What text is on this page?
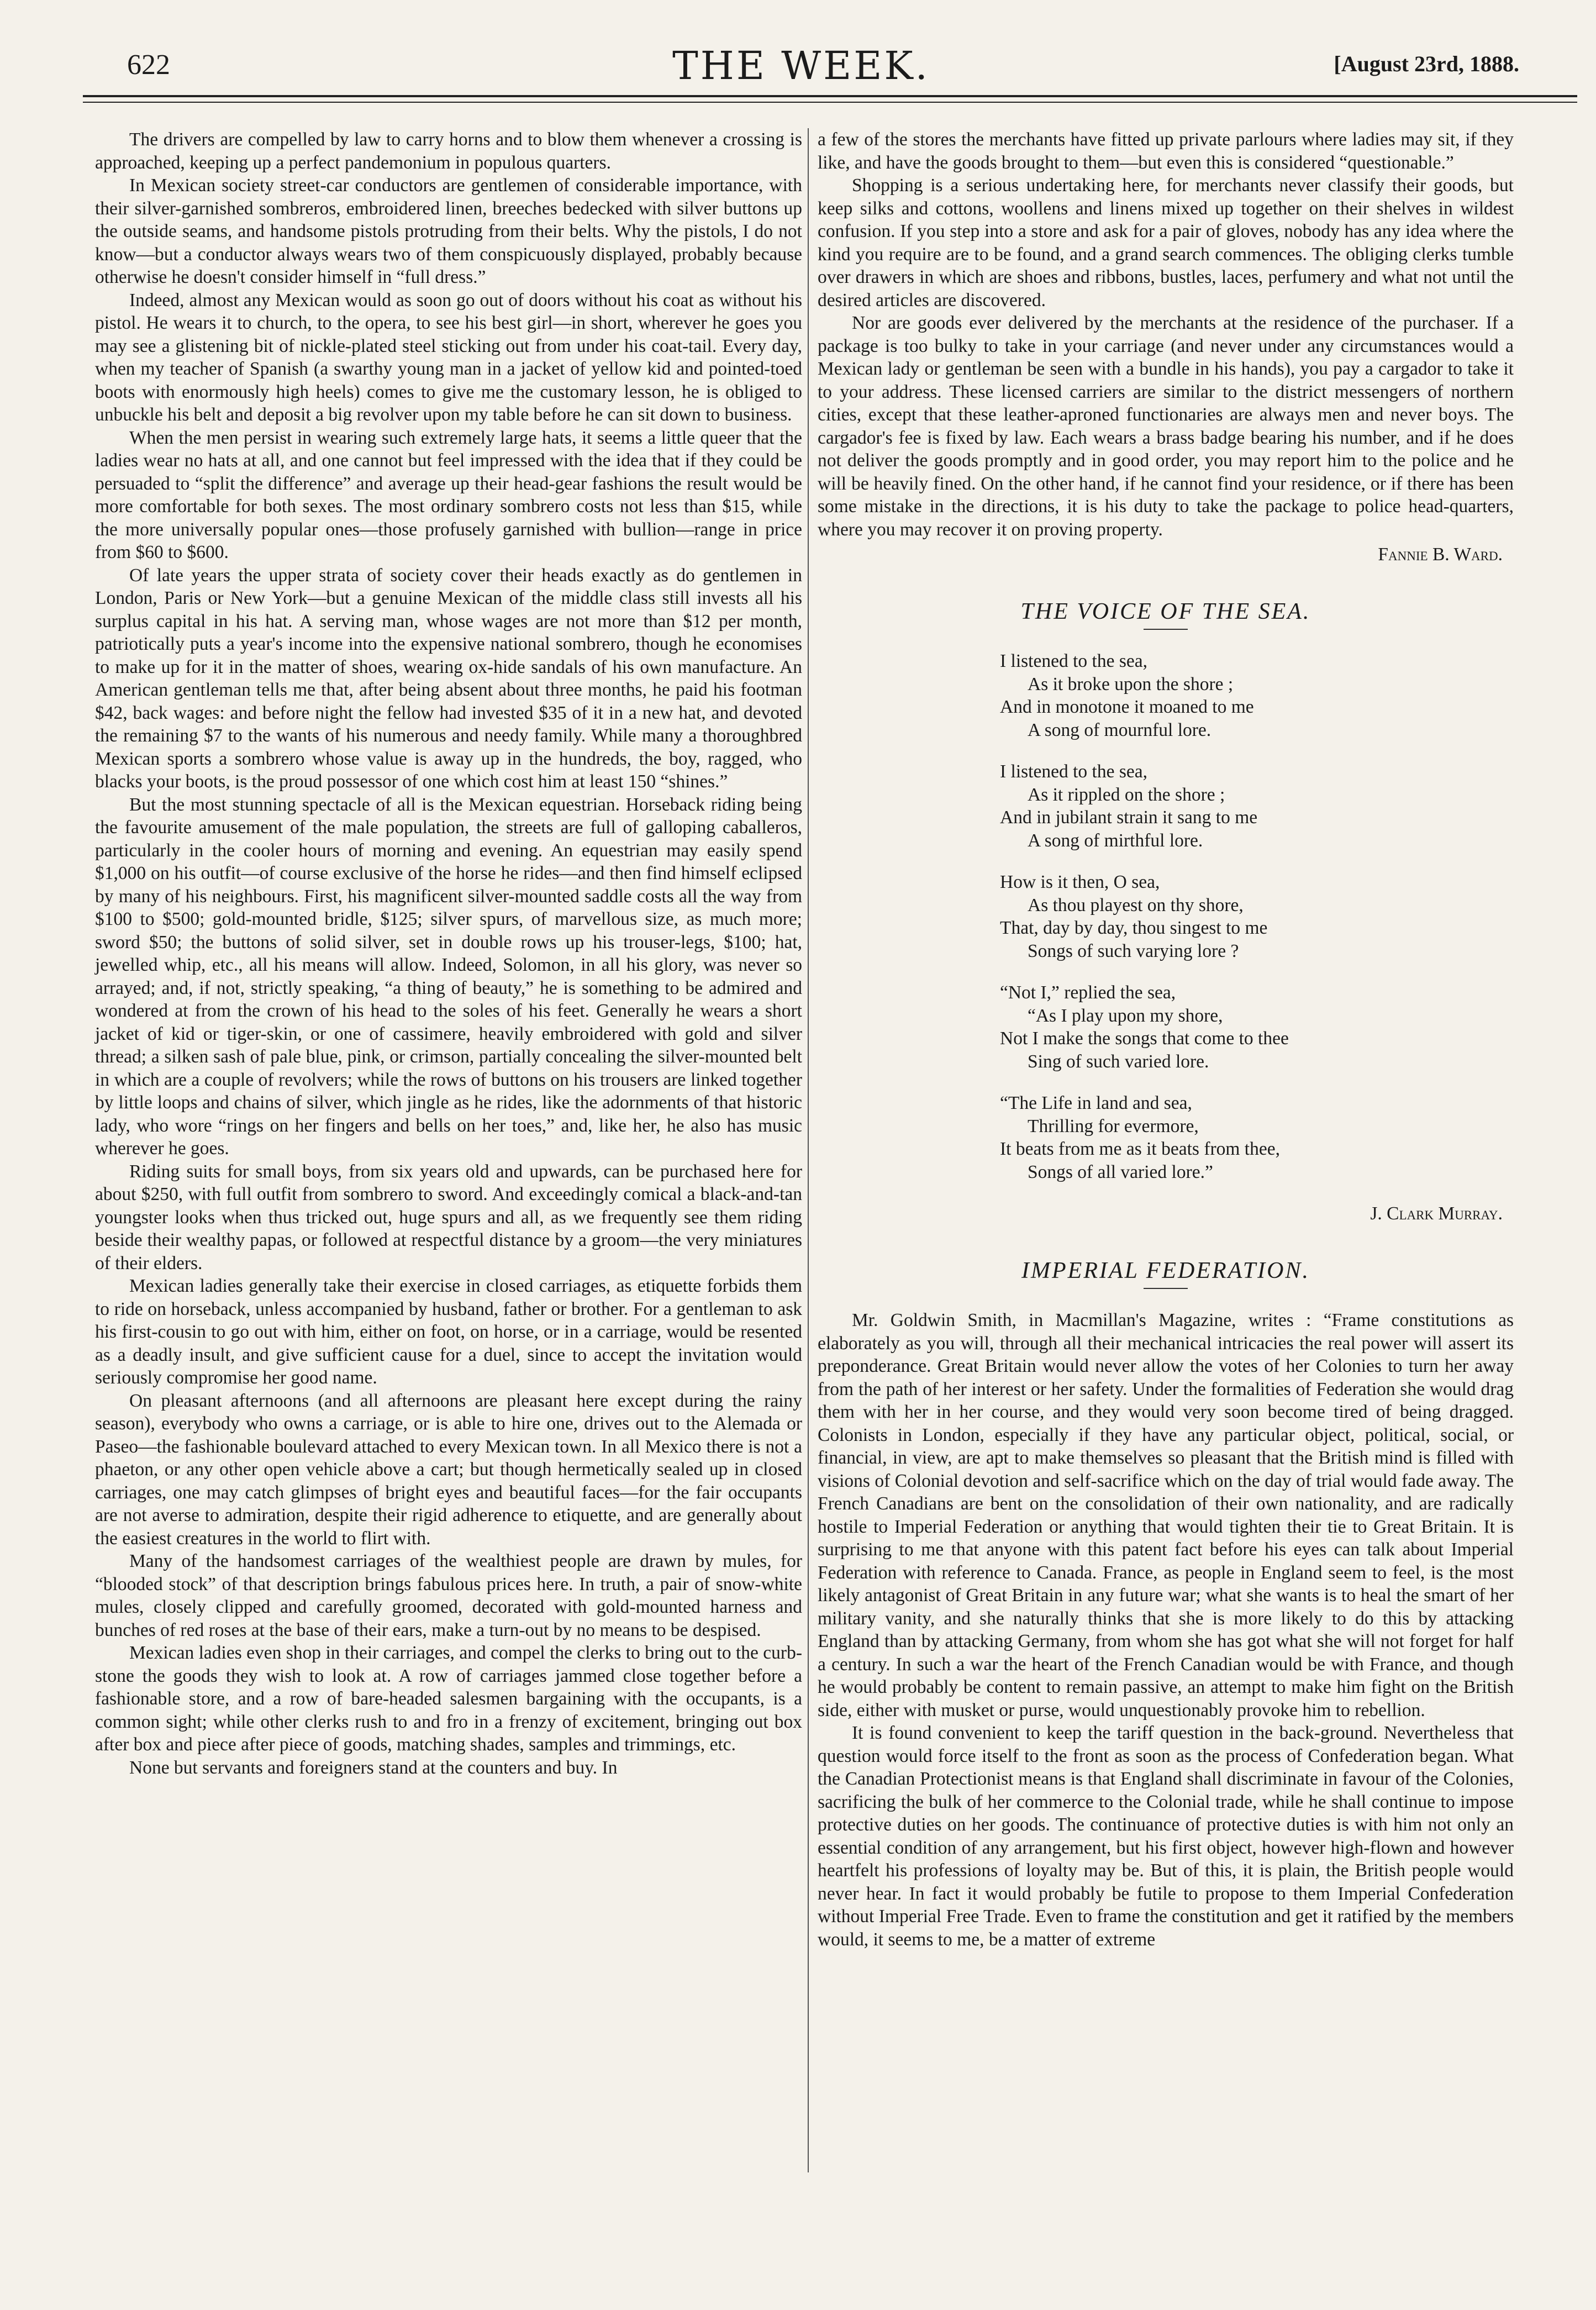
622	THE WEEK.	[August 23rd, 1888.

The drivers are compelled by law to carry horns and to blow them whenever a crossing is approached, keeping up a perfect pandemonium in populous quarters.

In Mexican society street-car conductors are gentlemen of considerable importance, with their silver-garnished sombreros, embroidered linen, breeches bedecked with silver buttons up the outside seams, and handsome pistols protruding from their belts. Why the pistols, I do not know—but a conductor always wears two of them conspicuously displayed, probably because otherwise he doesn't consider himself in “full dress.”

Indeed, almost any Mexican would as soon go out of doors without his coat as without his pistol. He wears it to church, to the opera, to see his best girl—in short, wherever he goes you may see a glistening bit of nickle-plated steel sticking out from under his coat-tail. Every day, when my teacher of Spanish (a swarthy young man in a jacket of yellow kid and pointed-toed boots with enormously high heels) comes to give me the customary lesson, he is obliged to unbuckle his belt and deposit a big revolver upon my table before he can sit down to business.

When the men persist in wearing such extremely large hats, it seems a little queer that the ladies wear no hats at all, and one cannot but feel impressed with the idea that if they could be persuaded to “split the difference” and average up their head-gear fashions the result would be more comfortable for both sexes. The most ordinary sombrero costs not less than $15, while the more universally popular ones—those profusely garnished with bullion—range in price from $60 to $600.

Of late years the upper strata of society cover their heads exactly as do gentlemen in London, Paris or New York—but a genuine Mexican of the middle class still invests all his surplus capital in his hat. A serving man, whose wages are not more than $12 per month, patriotically puts a year's income into the expensive national sombrero, though he economises to make up for it in the matter of shoes, wearing ox-hide sandals of his own manufacture. An American gentleman tells me that, after being absent about three months, he paid his footman $42, back wages: and before night the fellow had invested $35 of it in a new hat, and devoted the remaining $7 to the wants of his numerous and needy family. While many a thoroughbred Mexican sports a sombrero whose value is away up in the hundreds, the boy, ragged, who blacks your boots, is the proud possessor of one which cost him at least 150 “shines.”

But the most stunning spectacle of all is the Mexican equestrian. Horseback riding being the favourite amusement of the male population, the streets are full of galloping caballeros, particularly in the cooler hours of morning and evening. An equestrian may easily spend $1,000 on his outfit—of course exclusive of the horse he rides—and then find himself eclipsed by many of his neighbours. First, his magnificent silver-mounted saddle costs all the way from $100 to $500; gold-mounted bridle, $125; silver spurs, of marvellous size, as much more; sword $50; the buttons of solid silver, set in double rows up his trouser-legs, $100; hat, jewelled whip, etc., all his means will allow. Indeed, Solomon, in all his glory, was never so arrayed; and, if not, strictly speaking, “a thing of beauty,” he is something to be admired and wondered at from the crown of his head to the soles of his feet. Generally he wears a short jacket of kid or tiger-skin, or one of cassimere, heavily embroidered with gold and silver thread; a silken sash of pale blue, pink, or crimson, partially concealing the silver-mounted belt in which are a couple of revolvers; while the rows of buttons on his trousers are linked together by little loops and chains of silver, which jingle as he rides, like the adornments of that historic lady, who wore “rings on her fingers and bells on her toes,” and, like her, he also has music wherever he goes.

Riding suits for small boys, from six years old and upwards, can be purchased here for about $250, with full outfit from sombrero to sword. And exceedingly comical a black-and-tan youngster looks when thus tricked out, huge spurs and all, as we frequently see them riding beside their wealthy papas, or followed at respectful distance by a groom—the very miniatures of their elders.

Mexican ladies generally take their exercise in closed carriages, as etiquette forbids them to ride on horseback, unless accompanied by husband, father or brother. For a gentleman to ask his first-cousin to go out with him, either on foot, on horse, or in a carriage, would be resented as a deadly insult, and give sufficient cause for a duel, since to accept the invitation would seriously compromise her good name.

On pleasant afternoons (and all afternoons are pleasant here except during the rainy season), everybody who owns a carriage, or is able to hire one, drives out to the Alemada or Paseo—the fashionable boulevard attached to every Mexican town. In all Mexico there is not a phaeton, or any other open vehicle above a cart; but though hermetically sealed up in closed carriages, one may catch glimpses of bright eyes and beautiful faces—for the fair occupants are not averse to admiration, despite their rigid adherence to etiquette, and are generally about the easiest creatures in the world to flirt with.

Many of the handsomest carriages of the wealthiest people are drawn by mules, for “blooded stock” of that description brings fabulous prices here. In truth, a pair of snow-white mules, closely clipped and carefully groomed, decorated with gold-mounted harness and bunches of red roses at the base of their ears, make a turn-out by no means to be despised.

Mexican ladies even shop in their carriages, and compel the clerks to bring out to the curb-stone the goods they wish to look at. A row of carriages jammed close together before a fashionable store, and a row of bare-headed salesmen bargaining with the occupants, is a common sight; while other clerks rush to and fro in a frenzy of excitement, bringing out box after box and piece after piece of goods, matching shades, samples and trimmings, etc.

None but servants and foreigners stand at the counters and buy. In

a few of the stores the merchants have fitted up private parlours where ladies may sit, if they like, and have the goods brought to them—but even this is considered “questionable.”

Shopping is a serious undertaking here, for merchants never classify their goods, but keep silks and cottons, woollens and linens mixed up together on their shelves in wildest confusion. If you step into a store and ask for a pair of gloves, nobody has any idea where the kind you require are to be found, and a grand search commences. The obliging clerks tumble over drawers in which are shoes and ribbons, bustles, laces, perfumery and what not until the desired articles are discovered.

Nor are goods ever delivered by the merchants at the residence of the purchaser. If a package is too bulky to take in your carriage (and never under any circumstances would a Mexican lady or gentleman be seen with a bundle in his hands), you pay a cargador to take it to your address. These licensed carriers are similar to the district messengers of northern cities, except that these leather-aproned functionaries are always men and never boys. The cargador's fee is fixed by law. Each wears a brass badge bearing his number, and if he does not deliver the goods promptly and in good order, you may report him to the police and he will be heavily fined. On the other hand, if he cannot find your residence, or if there has been some mistake in the directions, it is his duty to take the package to police head-quarters, where you may recover it on proving property.

Fannie B. Ward.
THE VOICE OF THE SEA.
I listened to the sea,
As it broke upon the shore ;
And in monotone it moaned to me
A song of mournful lore.
I listened to the sea,
As it rippled on the shore ;
And in jubilant strain it sang to me
A song of mirthful lore.
How is it then, O sea,
As thou playest on thy shore,
That, day by day, thou singest to me
Songs of such varying lore ?
“Not I,” replied the sea,
“As I play upon my shore,
Not I make the songs that come to thee
Sing of such varied lore.
“The Life in land and sea,
Thrilling for evermore,
It beats from me as it beats from thee,
Songs of all varied lore.”
J. Clark Murray.
IMPERIAL FEDERATION.

Mr. Goldwin Smith, in Macmillan's Magazine, writes : “Frame constitutions as elaborately as you will, through all their mechanical intricacies the real power will assert its preponderance. Great Britain would never allow the votes of her Colonies to turn her away from the path of her interest or her safety. Under the formalities of Federation she would drag them with her in her course, and they would very soon become tired of being dragged. Colonists in London, especially if they have any particular object, political, social, or financial, in view, are apt to make themselves so pleasant that the British mind is filled with visions of Colonial devotion and self-sacrifice which on the day of trial would fade away. The French Canadians are bent on the consolidation of their own nationality, and are radically hostile to Imperial Federation or anything that would tighten their tie to Great Britain. It is surprising to me that anyone with this patent fact before his eyes can talk about Imperial Federation with reference to Canada. France, as people in England seem to feel, is the most likely antagonist of Great Britain in any future war; what she wants is to heal the smart of her military vanity, and she naturally thinks that she is more likely to do this by attacking England than by attacking Germany, from whom she has got what she will not forget for half a century. In such a war the heart of the French Canadian would be with France, and though he would probably be content to remain passive, an attempt to make him fight on the British side, either with musket or purse, would unquestionably provoke him to rebellion.

It is found convenient to keep the tariff question in the back-ground. Nevertheless that question would force itself to the front as soon as the process of Confederation began. What the Canadian Protectionist means is that England shall discriminate in favour of the Colonies, sacrificing the bulk of her commerce to the Colonial trade, while he shall continue to impose protective duties on her goods. The continuance of protective duties is with him not only an essential condition of any arrangement, but his first object, however high-flown and however heartfelt his professions of loyalty may be. But of this, it is plain, the British people would never hear. In fact it would probably be futile to propose to them Imperial Confederation without Imperial Free Trade. Even to frame the constitution and get it ratified by the members would, it seems to me, be a matter of extreme
